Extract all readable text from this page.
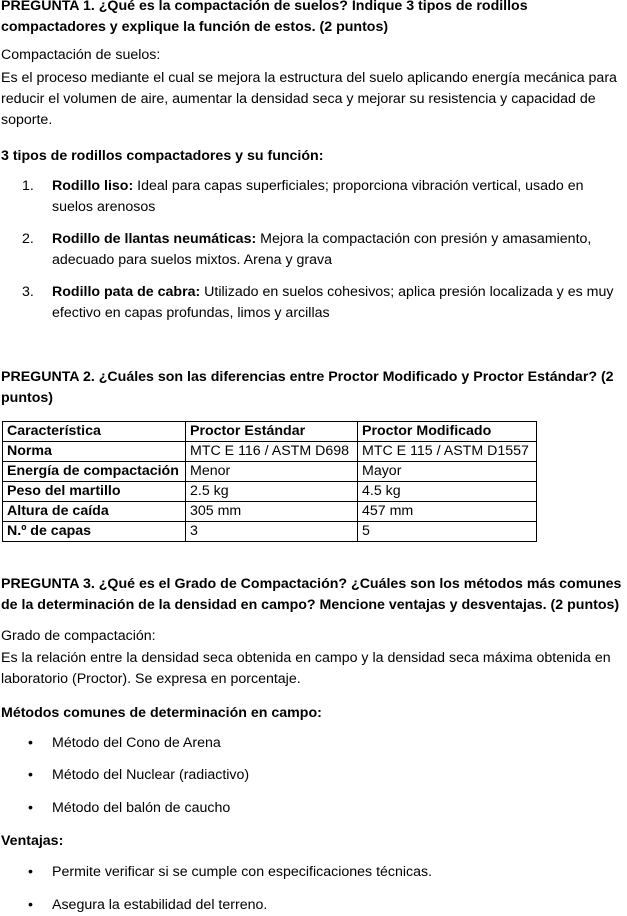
PREGUNTA 1. ¿Qué es la compactación de suelos? Indique 3 tipos de rodillos compactadores y explique la función de estos. (2 puntos)
Compactación de suelos:
Es el proceso mediante el cual se mejora la estructura del suelo aplicando energía mecánica para reducir el volumen de aire, aumentar la densidad seca y mejorar su resistencia y capacidad de soporte.
3 tipos de rodillos compactadores y su función:
1.	Rodillo liso: Ideal para capas superficiales; proporciona vibración vertical, usado en suelos arenosos
2.	Rodillo de llantas neumáticas: Mejora la compactación con presión y amasamiento, adecuado para suelos mixtos. Arena y grava
3.	Rodillo pata de cabra: Utilizado en suelos cohesivos; aplica presión localizada y es muy efectivo en capas profundas, limos y arcillas
PREGUNTA 2. ¿Cuáles son las diferencias entre Proctor Modificado y Proctor Estándar? (2 puntos)
Característica	Proctor Estándar	Proctor Modificado
Norma	MTC E 116 / ASTM D698	MTC E 115 / ASTM D1557
Energía de compactación	Menor	Mayor
Peso del martillo	2.5 kg	4.5 kg
Altura de caída	305 mm	457 mm
N.º de capas	3	5
PREGUNTA 3. ¿Qué es el Grado de Compactación? ¿Cuáles son los métodos más comunes de la determinación de la densidad en campo? Mencione ventajas y desventajas. (2 puntos)
Grado de compactación:
Es la relación entre la densidad seca obtenida en campo y la densidad seca máxima obtenida en laboratorio (Proctor). Se expresa en porcentaje.
Métodos comunes de determinación en campo:
• Método del Cono de Arena
• Método del Nuclear (radiactivo)
• Método del balón de caucho
Ventajas:
• Permite verificar si se cumple con especificaciones técnicas.
• Asegura la estabilidad del terreno.
